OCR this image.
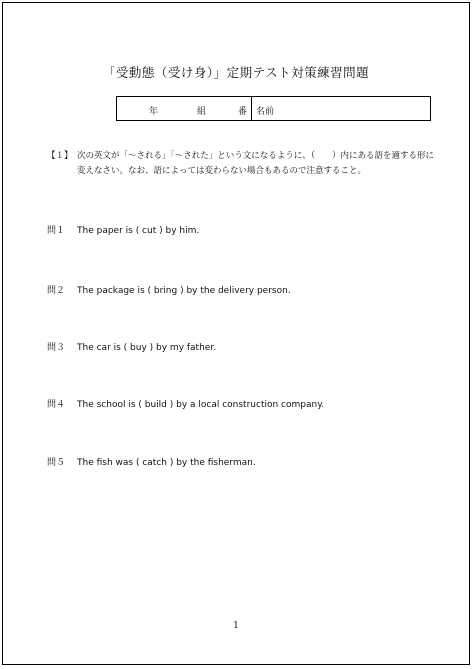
「受動態（受け身）」定期テスト対策練習問題
年	組	番 名前
【１】 次の英文が「～される」「～された」という文になるように、（　　）内にある語を適する形に変えなさい。なお、語によっては変わらない場合もあるので注意すること。
問１ The paper is ( cut ) by him.
問２ The package is ( bring ) by the delivery person.
問３ The car is ( buy ) by my father.
問４ The school is ( build ) by a local construction company.
問５ The fish was ( catch ) by the fisherman.
1
